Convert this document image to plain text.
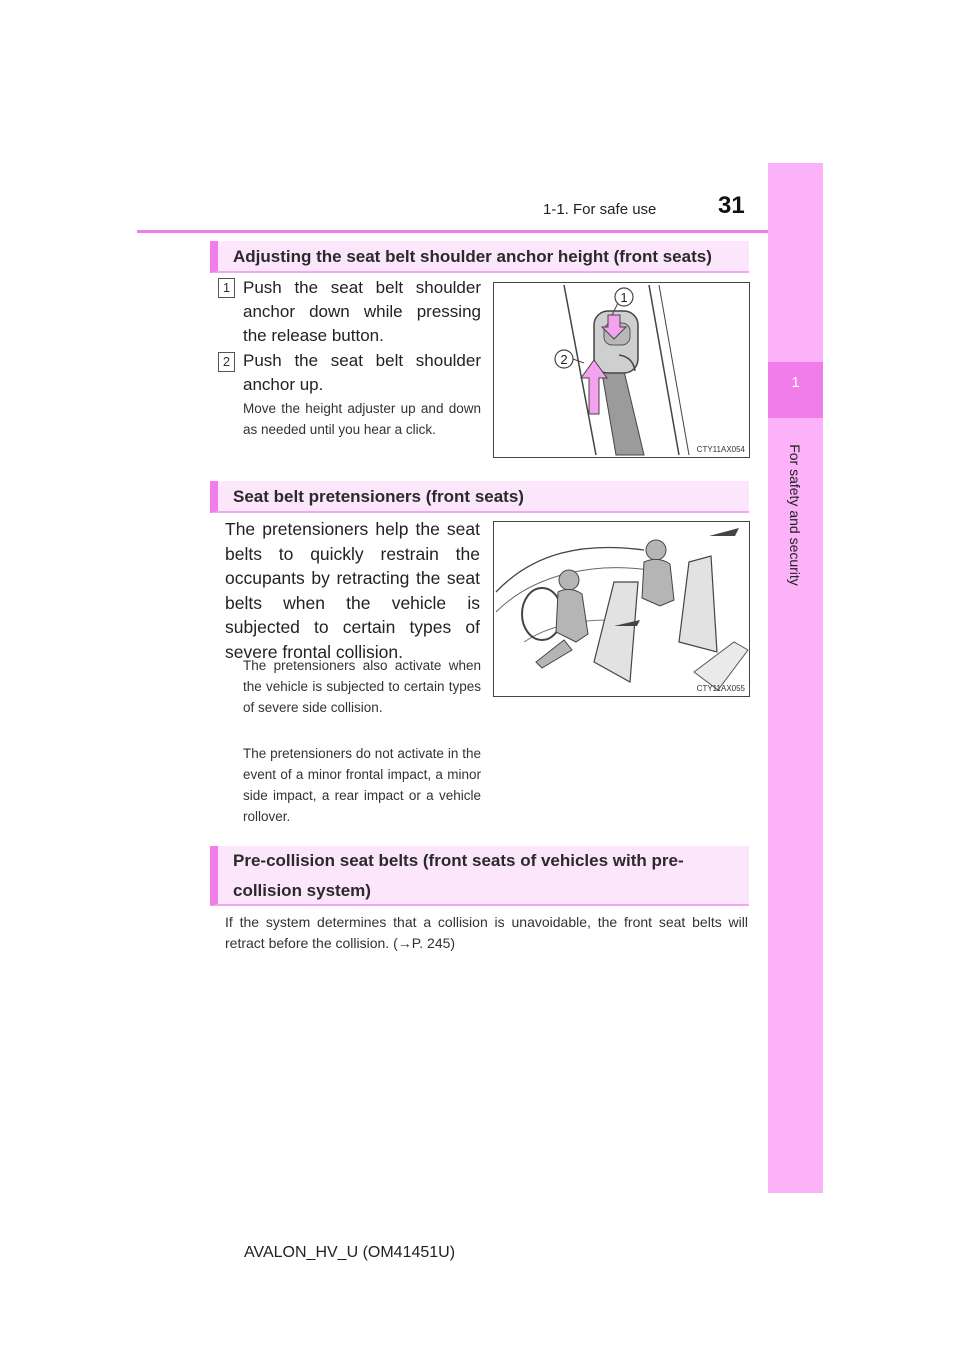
1-1. For safe use	31
1
For safety and security
Adjusting the seat belt shoulder anchor height (front seats)
1 Push the seat belt shoulder anchor down while pressing the release button.
2 Push the seat belt shoulder anchor up.
Move the height adjuster up and down as needed until you hear a click.
1
2
CTY11AX054
Seat belt pretensioners (front seats)
The pretensioners help the seat belts to quickly restrain the occupants by retracting the seat belts when the vehicle is subjected to certain types of severe frontal collision.
The pretensioners also activate when the vehicle is subjected to certain types of severe side collision.
The pretensioners do not activate in the event of a minor frontal impact, a minor side impact, a rear impact or a vehicle rollover.
CTY11AX055
Pre-collision seat belts (front seats of vehicles with pre-collision system)
If the system determines that a collision is unavoidable, the front seat belts will retract before the collision. (→P. 245)
AVALON_HV_U (OM41451U)
